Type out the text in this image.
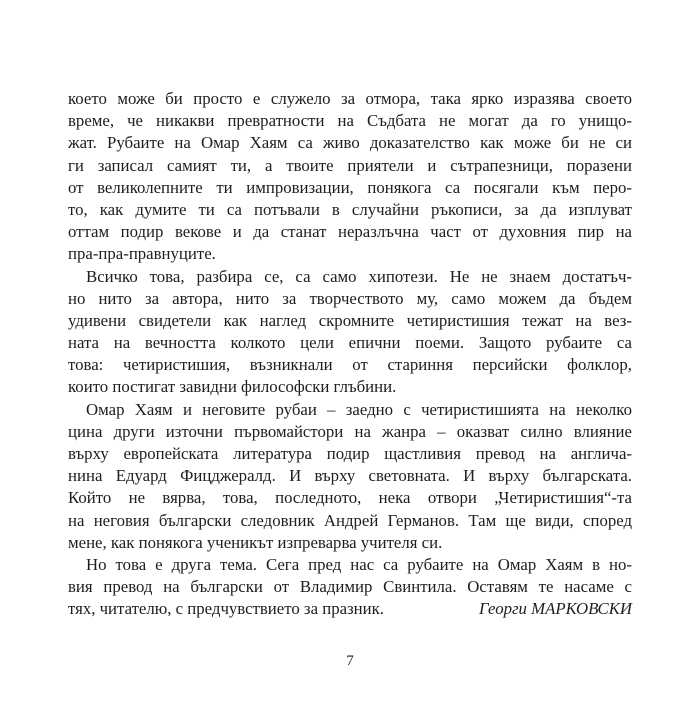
което може би просто е служело за отмора, така ярко изразява своето
време, че никакви превратности на Съдбата не могат да го унищо-
жат. Рубаите на Омар Хаям са живо доказателство как може би не си
ги записал самият ти, а твоите приятели и сътрапезници, поразени
от великолепните ти импровизации, понякога са посягали към перо-
то, как думите ти са потъвали в случайни ръкописи, за да изплуват
оттам подир векове и да станат неразлъчна част от духовния пир на
пра-пра-правнуците.
Всичко това, разбира се, са само хипотези. Не не знаем достатъч-
но нито за автора, нито за творчеството му, само можем да бъдем
удивени свидетели как наглед скромните четиристишия тежат на вез-
ната на вечността колкото цели епични поеми. Защото рубаите са
това: четиристишия, възникнали от стариння персийски фолклор,
които постигат завидни философски глъбини.
Омар Хаям и неговите рубаи – заедно с четиристишията на неколко
цина други източни първомайстори на жанра – оказват силно влияние
върху европейската литература подир щастливия превод на англича-
нина Едуард Фицджералд. И върху световната. И върху българската.
Който не вярва, това, последното, нека отвори „Четиристишия“-та
на неговия български следовник Андрей Германов. Там ще види, според
мене, как понякога ученикът изпреварва учителя си.
Но това е друга тема. Сега пред нас са рубаите на Омар Хаям в но-
вия превод на български от Владимир Свинтила. Оставям те насаме с
тях, читателю, с предчувствието за празник.	Георги МАРКОВСКИ
7
